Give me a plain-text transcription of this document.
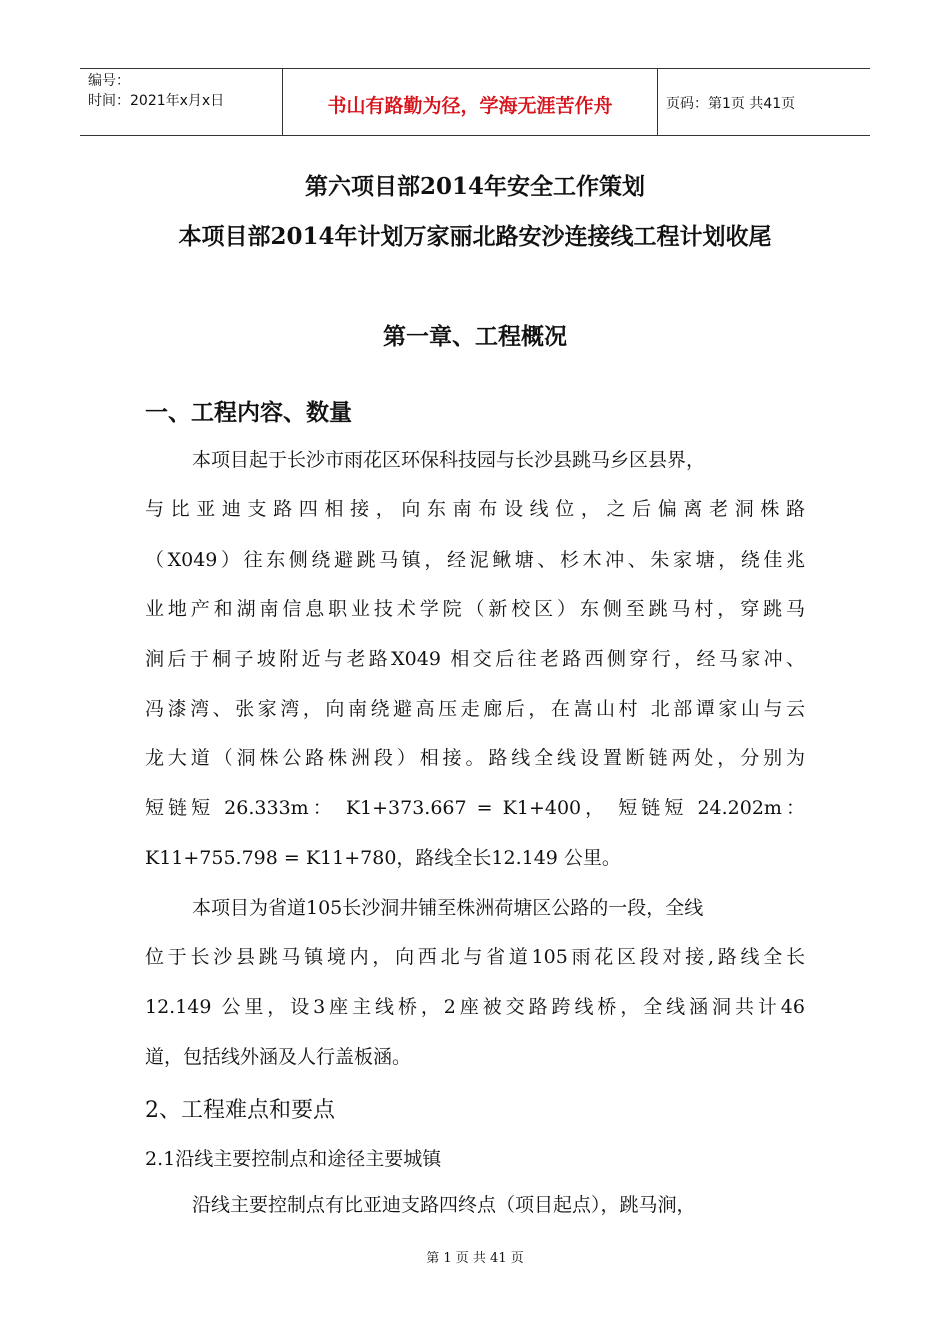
编号：
时间：2021年x月x日	书山有路勤为径，学海无涯苦作舟	页码：第1页 共41页
第六项目部2014年安全工作策划
本项目部2014年计划万家丽北路安沙连接线工程计划收尾
第一章、工程概况
一、工程内容、数量
本项目起于长沙市雨花区环保科技园与长沙县跳马乡区县界，
与比亚迪支路四相接，向东南布设线位，之后偏离老洞株路
（X049）往东侧绕避跳马镇，经泥鳅塘、杉木冲、朱家塘，绕佳兆
业地产和湖南信息职业技术学院（新校区）东侧至跳马村，穿跳马
涧后于桐子坡附近与老路X049 相交后往老路西侧穿行，经马家冲、
冯漆湾、张家湾，向南绕避高压走廊后，在嵩山村 北部谭家山与云
龙大道（洞株公路株洲段）相接。路线全线设置断链两处，分别为
短链短 26.333m： K1+373.667 = K1+400， 短链短 24.202m：
K11+755.798 = K11+780，路线全长12.149 公里。
本项目为省道105长沙洞井铺至株洲荷塘区公路的一段，全线
位于长沙县跳马镇境内，向西北与省道105雨花区段对接,路线全长
12.149 公里，设3座主线桥，2座被交路跨线桥，全线涵洞共计46
道，包括线外涵及人行盖板涵。
2、工程难点和要点
2.1沿线主要控制点和途径主要城镇
沿线主要控制点有比亚迪支路四终点（项目起点），跳马涧，
第 1 页 共 41 页
